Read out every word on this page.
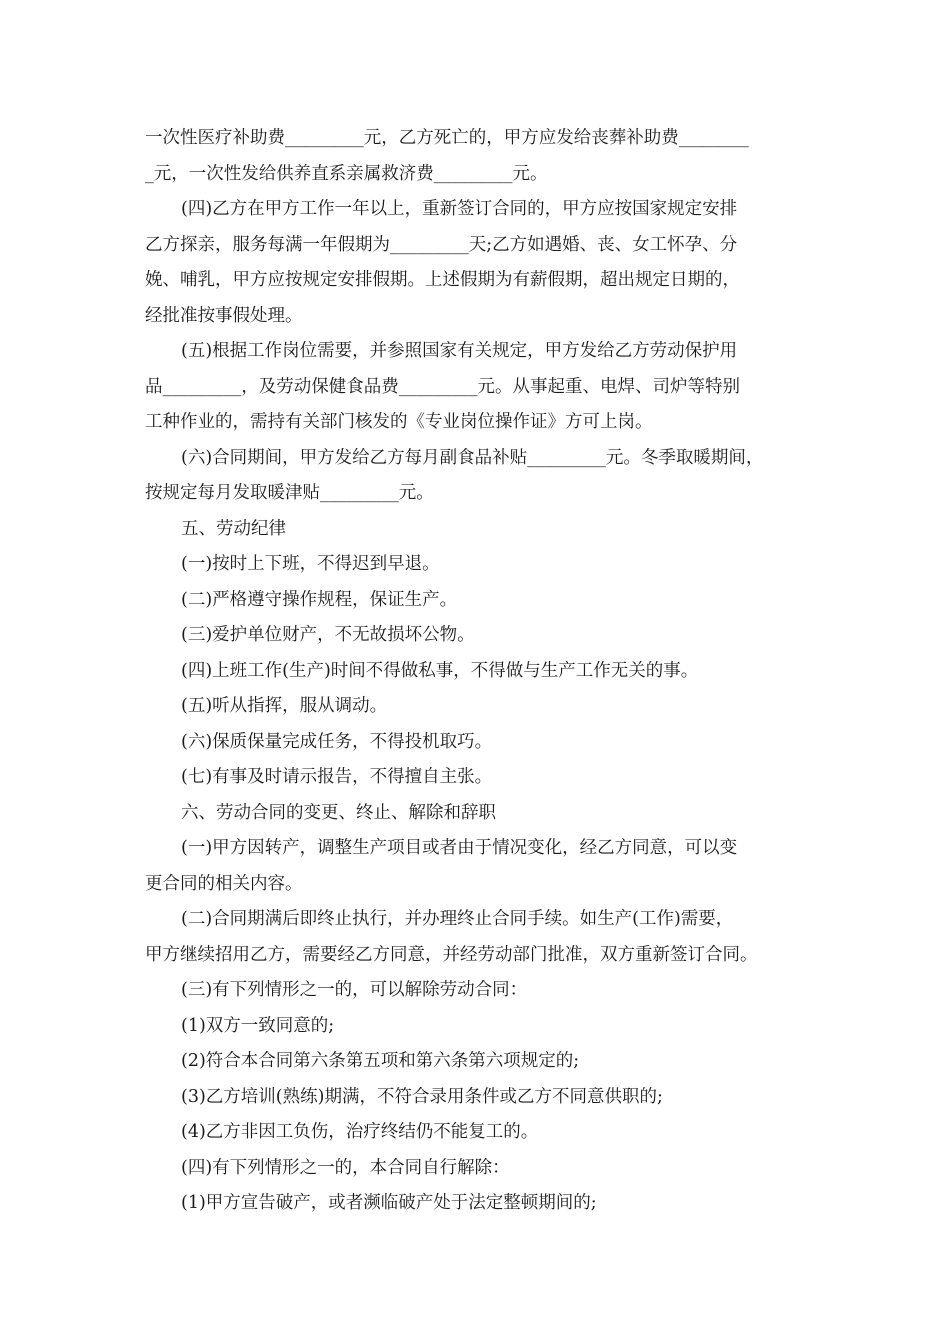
一次性医疗补助费_________元，乙方死亡的，甲方应发给丧葬补助费________
_元，一次性发给供养直系亲属救济费_________元。
(四)乙方在甲方工作一年以上，重新签订合同的，甲方应按国家规定安排
乙方探亲，服务每满一年假期为_________天;乙方如遇婚、丧、女工怀孕、分
娩、哺乳，甲方应按规定安排假期。上述假期为有薪假期，超出规定日期的，
经批准按事假处理。
(五)根据工作岗位需要，并参照国家有关规定，甲方发给乙方劳动保护用
品_________，及劳动保健食品费_________元。从事起重、电焊、司炉等特别
工种作业的，需持有关部门核发的《专业岗位操作证》方可上岗。
(六)合同期间，甲方发给乙方每月副食品补贴_________元。冬季取暖期间，
按规定每月发取暖津贴_________元。
五、劳动纪律
(一)按时上下班，不得迟到早退。
(二)严格遵守操作规程，保证生产。
(三)爱护单位财产，不无故损坏公物。
(四)上班工作(生产)时间不得做私事，不得做与生产工作无关的事。
(五)听从指挥，服从调动。
(六)保质保量完成任务，不得投机取巧。
(七)有事及时请示报告，不得擅自主张。
六、劳动合同的变更、终止、解除和辞职
(一)甲方因转产，调整生产项目或者由于情况变化，经乙方同意，可以变
更合同的相关内容。
(二)合同期满后即终止执行，并办理终止合同手续。如生产(工作)需要，
甲方继续招用乙方，需要经乙方同意，并经劳动部门批准，双方重新签订合同。
(三)有下列情形之一的，可以解除劳动合同：
(1)双方一致同意的;
(2)符合本合同第六条第五项和第六条第六项规定的;
(3)乙方培训(熟练)期满，不符合录用条件或乙方不同意供职的;
(4)乙方非因工负伤，治疗终结仍不能复工的。
(四)有下列情形之一的，本合同自行解除：
(1)甲方宣告破产，或者濒临破产处于法定整顿期间的;
